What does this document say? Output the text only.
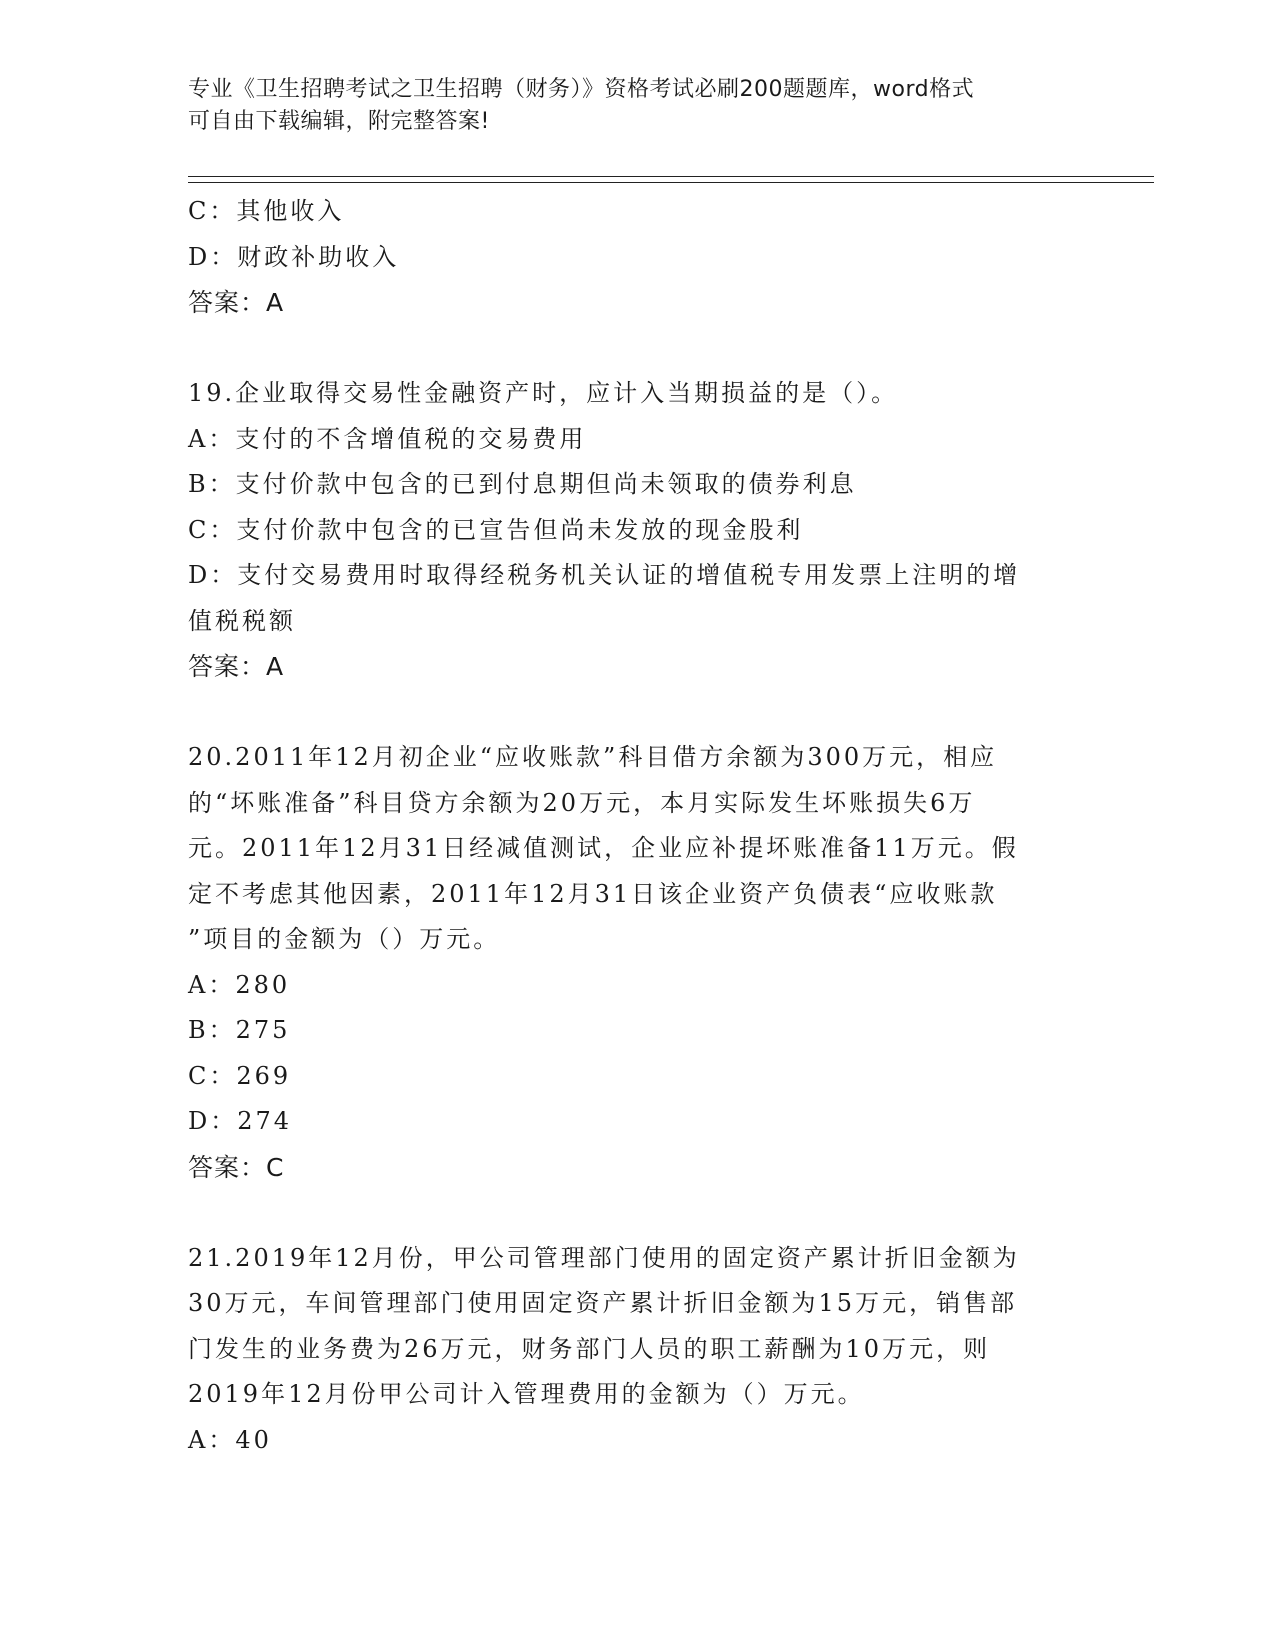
专业《卫生招聘考试之卫生招聘（财务）》资格考试必刷200题题库，word格式
可自由下载编辑，附完整答案!

C：其他收入

D：财政补助收入

答案：A

19.企业取得交易性金融资产时，应计入当期损益的是（）。

A：支付的不含增值税的交易费用

B：支付价款中包含的已到付息期但尚未领取的债券利息

C：支付价款中包含的已宣告但尚未发放的现金股利

D：支付交易费用时取得经税务机关认证的增值税专用发票上注明的增

值税税额

答案：A

20.2011年12月初企业“应收账款”科目借方余额为300万元，相应

的“坏账准备”科目贷方余额为20万元，本月实际发生坏账损失6万

元。2011年12月31日经减值测试，企业应补提坏账准备11万元。假

定不考虑其他因素，2011年12月31日该企业资产负债表“应收账款

”项目的金额为（）万元。

A：280

B：275

C：269

D：274

答案：C

21.2019年12月份，甲公司管理部门使用的固定资产累计折旧金额为

30万元，车间管理部门使用固定资产累计折旧金额为15万元，销售部

门发生的业务费为26万元，财务部门人员的职工薪酬为10万元，则

2019年12月份甲公司计入管理费用的金额为（）万元。

A：40
